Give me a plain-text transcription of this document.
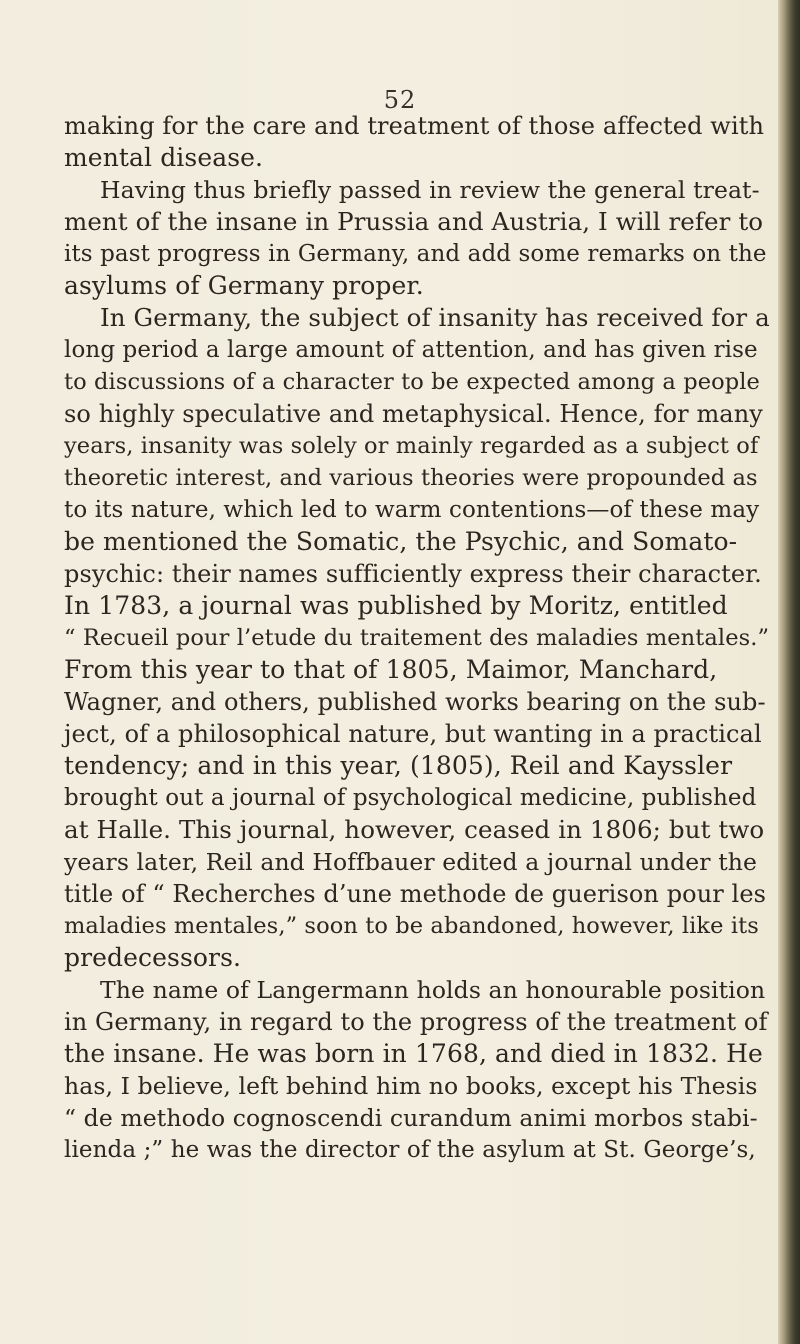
52
making for the care and treatment of those affected with
mental disease.
Having thus briefly passed in review the general treat-
ment of the insane in Prussia and Austria, I will refer to
its past progress in Germany, and add some remarks on the
asylums of Germany proper.
In Germany, the subject of insanity has received for a
long period a large amount of attention, and has given rise
to discussions of a character to be expected among a people
so highly speculative and metaphysical. Hence, for many
years, insanity was solely or mainly regarded as a subject of
theoretic interest, and various theories were propounded as
to its nature, which led to warm contentions—of these may
be mentioned the Somatic, the Psychic, and Somato-
psychic: their names sufficiently express their character.
In 1783, a journal was published by Moritz, entitled
“ Recueil pour l’etude du traitement des maladies mentales.”
From this year to that of 1805, Maimor, Manchard,
Wagner, and others, published works bearing on the sub-
ject, of a philosophical nature, but wanting in a practical
tendency; and in this year, (1805), Reil and Kayssler
brought out a journal of psychological medicine, published
at Halle. This journal, however, ceased in 1806; but two
years later, Reil and Hoffbauer edited a journal under the
title of “ Recherches d’une methode de guerison pour les
maladies mentales,” soon to be abandoned, however, like its
predecessors.
The name of Langermann holds an honourable position
in Germany, in regard to the progress of the treatment of
the insane. He was born in 1768, and died in 1832. He
has, I believe, left behind him no books, except his Thesis
“ de methodo cognoscendi curandum animi morbos stabi-
lienda ;” he was the director of the asylum at St. George’s,
